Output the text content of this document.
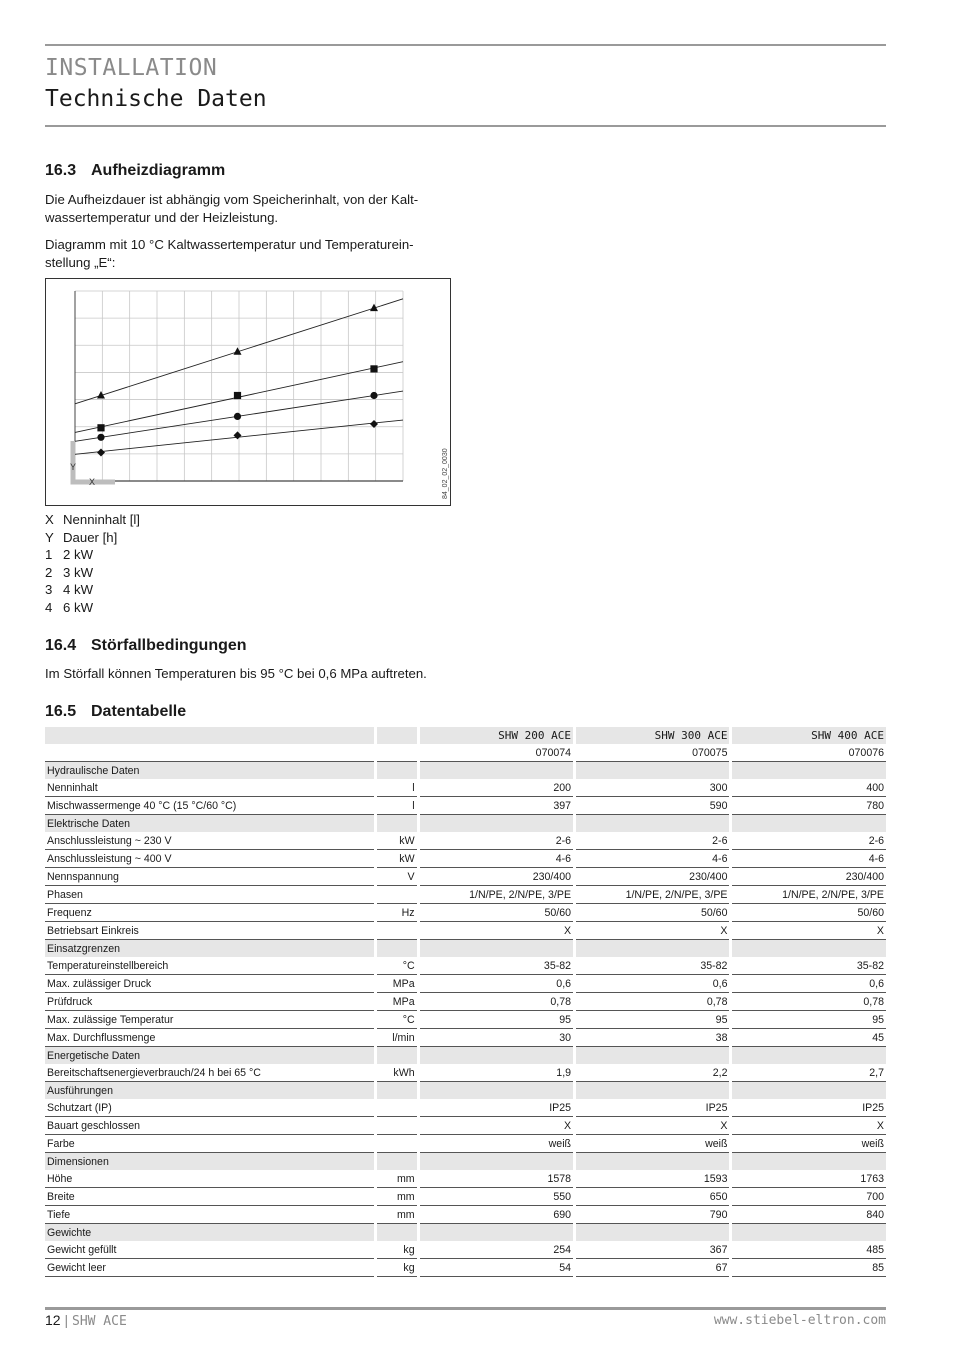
INSTALLATION
Technische Daten
16.3 Aufheizdiagramm

Die Aufheizdauer ist abhängig vom Speicherinhalt, von der Kalt- wassertemperatur und der Heizleistung.

Diagramm mit 10 °C Kaltwassertemperatur und Temperaturein- stellung „E“:

Y
X	84_02_02_0030
X Nenninhalt [l]
Y Dauer [h]
1 2 kW
2 3 kW
3 4 kW
4 6 kW
16.4 Störfallbedingungen

Im Störfall können Temperaturen bis 95 °C bei 0,6 MPa auftreten.

16.5 Datentabelle
				SHW 200 ACE		SHW 300 ACE		SHW 400 ACE
				070074		070075		070076
Hydraulische Daten								
Nenninhalt		l		200		300		400
Mischwassermenge 40 °C (15 °C/60 °C)		l		397		590		780
Elektrische Daten								
Anschlussleistung ~ 230 V		kW		2-6		2-6		2-6
Anschlussleistung ~ 400 V		kW		4-6		4-6		4-6
Nennspannung		V		230/400		230/400		230/400
Phasen				1/N/PE, 2/N/PE, 3/PE		1/N/PE, 2/N/PE, 3/PE		1/N/PE, 2/N/PE, 3/PE
Frequenz		Hz		50/60		50/60		50/60
Betriebsart Einkreis				X		X		X
Einsatzgrenzen								
Temperatureinstellbereich		°C		35-82		35-82		35-82
Max. zulässiger Druck		MPa		0,6		0,6		0,6
Prüfdruck		MPa		0,78		0,78		0,78
Max. zulässige Temperatur		°C		95		95		95
Max. Durchflussmenge		l/min		30		38		45
Energetische Daten								
Bereitschaftsenergieverbrauch/24 h bei 65 °C		kWh		1,9		2,2		2,7
Ausführungen								
Schutzart (IP)				IP25		IP25		IP25
Bauart geschlossen				X		X		X
Farbe				weiß		weiß		weiß
Dimensionen								
Höhe		mm		1578		1593		1763
Breite		mm		550		650		700
Tiefe		mm		690		790		840
Gewichte								
Gewicht gefüllt		kg		254		367		485
Gewicht leer		kg		54		67		85
12 | SHW ACE	www.stiebel-eltron.com
